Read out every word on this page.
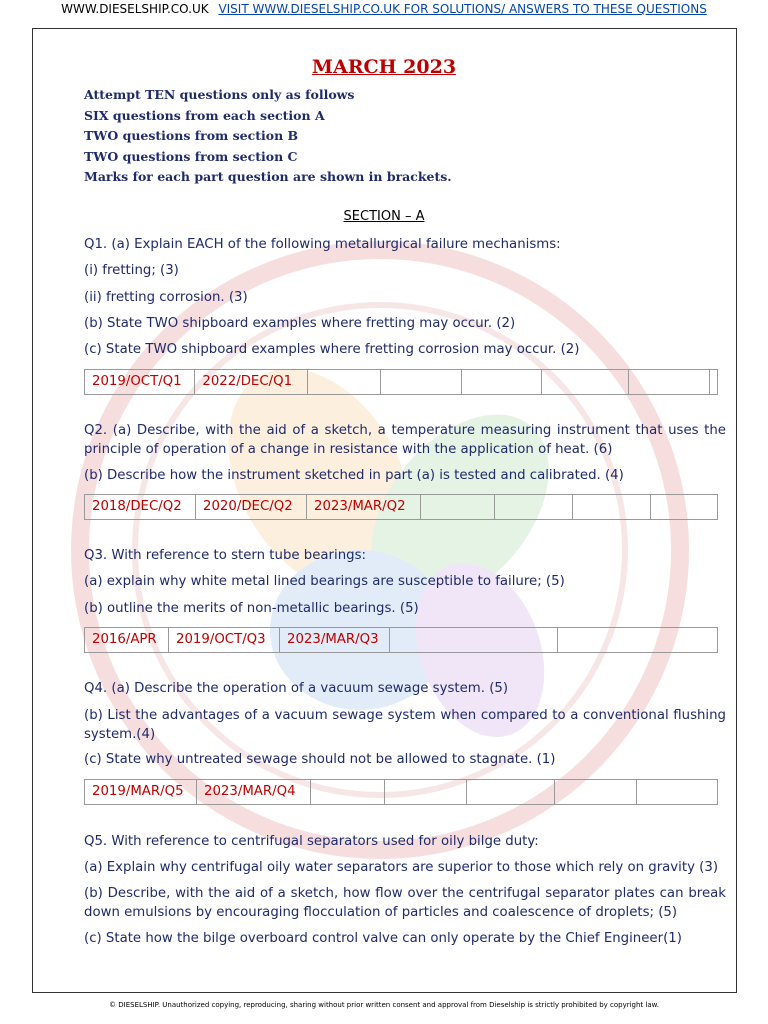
WWW.DIESELSHIP.CO.UK VISIT WWW.DIESELSHIP.CO.UK FOR SOLUTIONS/ ANSWERS TO THESE QUESTIONS
MARCH 2023
Attempt TEN questions only as follows
SIX questions from each section A
TWO questions from section B
TWO questions from section C
Marks for each part question are shown in brackets.
SECTION – A
Q1. (a) Explain EACH of the following metallurgical failure mechanisms:
(i) fretting; (3)
(ii) fretting corrosion. (3)
(b) State TWO shipboard examples where fretting may occur. (2)
(c) State TWO shipboard examples where fretting corrosion may occur. (2)
2019/OCT/Q1	2022/DEC/Q1
Q2. (a) Describe, with the aid of a sketch, a temperature measuring instrument that uses the principle of operation of a change in resistance with the application of heat. (6)
(b) Describe how the instrument sketched in part (a) is tested and calibrated. (4)
2018/DEC/Q2	2020/DEC/Q2	2023/MAR/Q2
Q3. With reference to stern tube bearings:
(a) explain why white metal lined bearings are susceptible to failure; (5)
(b) outline the merits of non-metallic bearings. (5)
2016/APR	2019/OCT/Q3	2023/MAR/Q3
Q4. (a) Describe the operation of a vacuum sewage system. (5)
(b) List the advantages of a vacuum sewage system when compared to a conventional flushing system.(4)
(c) State why untreated sewage should not be allowed to stagnate. (1)
2019/MAR/Q5	2023/MAR/Q4
Q5. With reference to centrifugal separators used for oily bilge duty:
(a) Explain why centrifugal oily water separators are superior to those which rely on gravity (3)
(b) Describe, with the aid of a sketch, how flow over the centrifugal separator plates can break down emulsions by encouraging flocculation of particles and coalescence of droplets; (5)
(c) State how the bilge overboard control valve can only operate by the Chief Engineer(1)
© DIESELSHIP. Unauthorized copying, reproducing, sharing without prior written consent and approval from Dieselship is strictly prohibited by copyright law.
